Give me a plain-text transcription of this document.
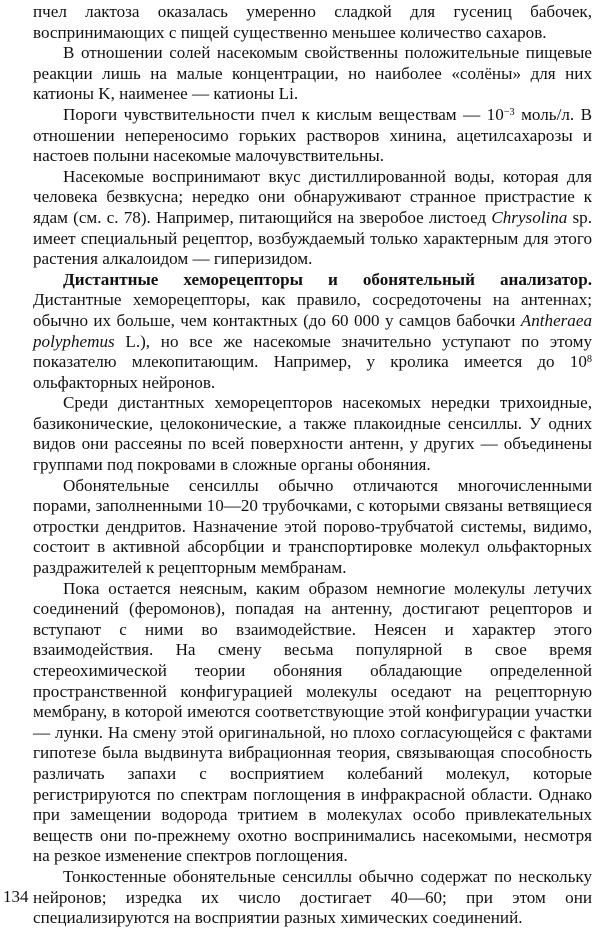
пчел лактоза оказалась умеренно сладкой для гусениц бабочек, воспринимающих с пищей существенно меньшее количество сахаров.

В отношении солей насекомым свойственны положительные пищевые реакции лишь на малые концентрации, но наиболее «солёны» для них катионы K, наименее — катионы Li.

Пороги чувствительности пчел к кислым веществам — $10^{-3}$ моль/л. В отношении непереносимо горьких растворов хинина, ацетилсахарозы и настоев полыни насекомые малочувствительны.

Насекомые воспринимают вкус дистиллированной воды, которая для человека безвкусна; нередко они обнаруживают странное пристрастие к ядам (см. с. 78). Например, питающийся на зверобое листоед Chrysolina sp. имеет специальный рецептор, возбуждаемый только характерным для этого растения алкалоидом — гиперизидом.

Дистантные хеморецепторы и обонятельный анализатор. Дистантные хеморецепторы, как правило, сосредоточены на антеннах; обычно их больше, чем контактных (до 60 000 у самцов бабочки Antheraea polyphemus L.), но все же насекомые значительно уступают по этому показателю млекопитающим. Например, у кролика имеется до $10^8$ ольфакторных нейронов.

Среди дистантных хеморецепторов насекомых нередки трихоидные, базиконические, целоконические, а также плакоидные сенсиллы. У одних видов они рассеяны по всей поверхности антенн, у других — объединены группами под покровами в сложные органы обоняния.

Обонятельные сенсиллы обычно отличаются многочисленными порами, заполненными 10—20 трубочками, с которыми связаны ветвящиеся отростки дендритов. Назначение этой порово-трубчатой системы, видимо, состоит в активной абсорбции и транспортировке молекул ольфакторных раздражителей к рецепторным мембранам.

Пока остается неясным, каким образом немногие молекулы летучих соединений (феромонов), попадая на антенну, достигают рецепторов и вступают с ними во взаимодействие. Неясен и характер этого взаимодействия. На смену весьма популярной в свое время стереохимической теории обоняния обладающие определенной пространственной конфигурацией молекулы оседают на рецепторную мембрану, в которой имеются соответствующие этой конфигурации участки — лунки. На смену этой оригинальной, но плохо согласующейся с фактами гипотезе была выдвинута вибрационная теория, связывающая способность различать запахи с восприятием колебаний молекул, которые регистрируются по спектрам поглощения в инфракрасной области. Однако при замещении водорода тритием в молекулах особо привлекательных веществ они по-прежнему охотно воспринимались насекомыми, несмотря на резкое изменение спектров поглощения.

Тонкостенные обонятельные сенсиллы обычно содержат по нескольку нейронов; изредка их число достигает 40—60; при этом они специализируются на восприятии разных химических соединений.

134
